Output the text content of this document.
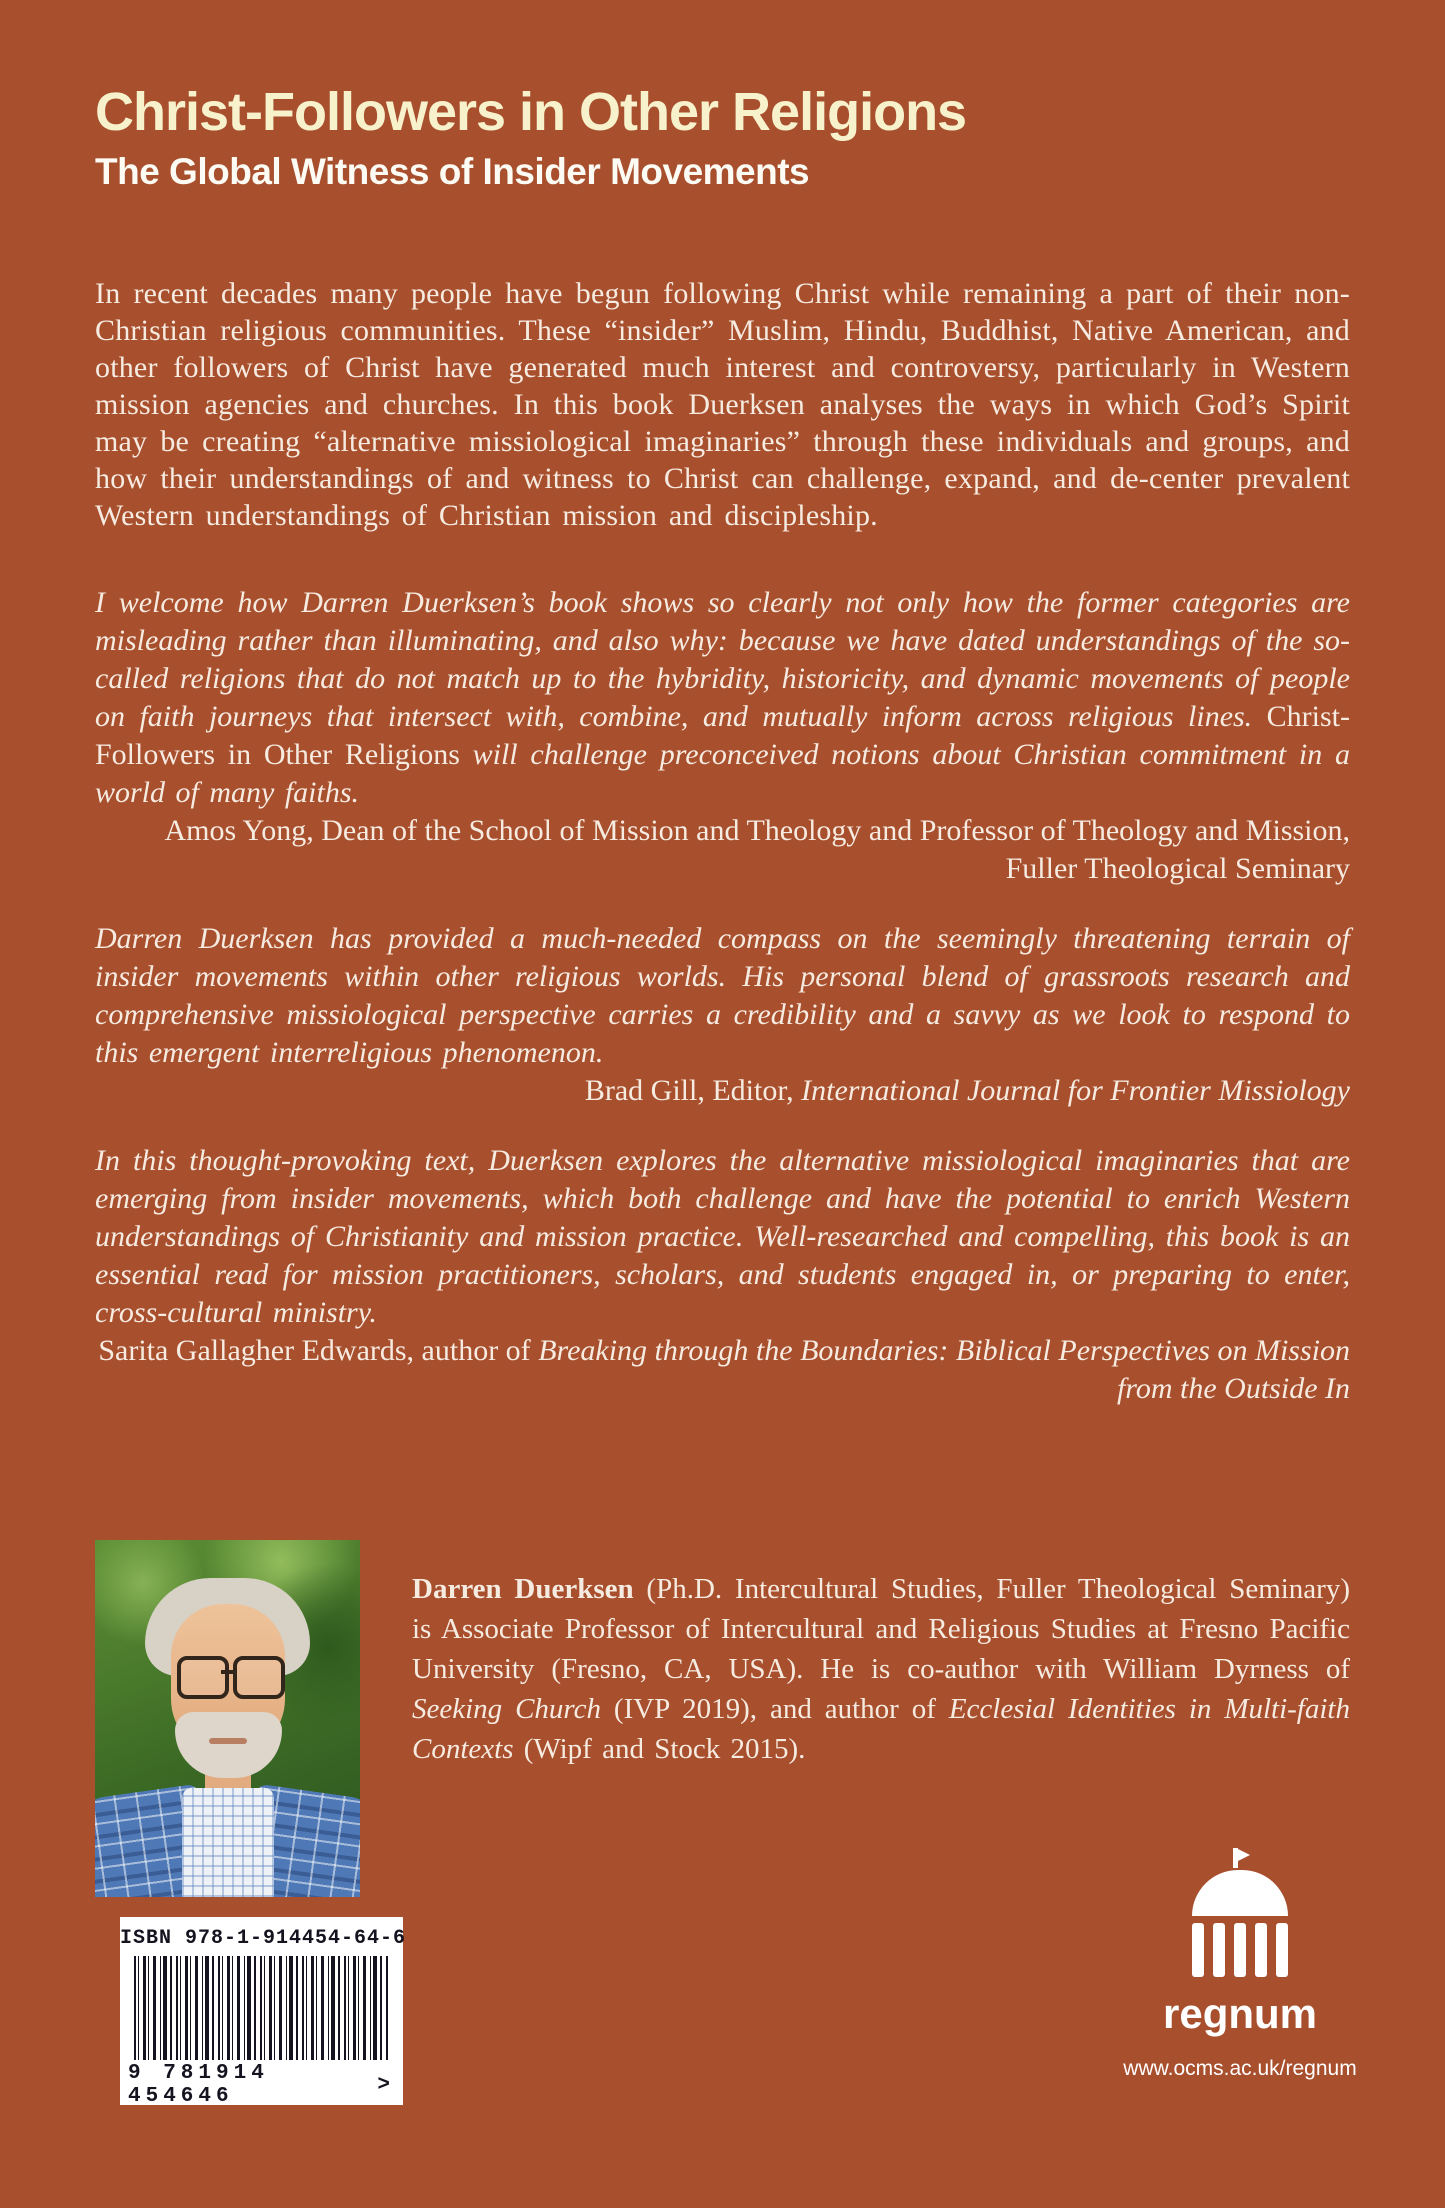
Christ-Followers in Other Religions
The Global Witness of Insider Movements

In recent decades many people have begun following Christ while remaining a part of their non-Christian religious communities. These “insider” Muslim, Hindu, Buddhist, Native American, and other followers of Christ have generated much interest and controversy, particularly in Western mission agencies and churches. In this book Duerksen analyses the ways in which God’s Spirit may be creating “alternative missiological imaginaries” through these individuals and groups, and how their understandings of and witness to Christ can challenge, expand, and de-center prevalent Western understandings of Christian mission and discipleship.

I welcome how Darren Duerksen’s book shows so clearly not only how the former categories are misleading rather than illuminating, and also why: because we have dated understandings of the so-called religions that do not match up to the hybridity, historicity, and dynamic movements of people on faith journeys that intersect with, combine, and mutually inform across religious lines. Christ-Followers in Other Religions will challenge preconceived notions about Christian commitment in a world of many faiths.

Amos Yong, Dean of the School of Mission and Theology and Professor of Theology and Mission, Fuller Theological Seminary

Darren Duerksen has provided a much-needed compass on the seemingly threatening terrain of insider movements within other religious worlds. His personal blend of grassroots research and comprehensive missiological perspective carries a credibility and a savvy as we look to respond to this emergent interreligious phenomenon.

Brad Gill, Editor, International Journal for Frontier Missiology

In this thought-provoking text, Duerksen explores the alternative missiological imaginaries that are emerging from insider movements, which both challenge and have the potential to enrich Western understandings of Christianity and mission practice. Well-researched and compelling, this book is an essential read for mission practitioners, scholars, and students engaged in, or preparing to enter, cross-cultural ministry.

Sarita Gallagher Edwards, author of Breaking through the Boundaries: Biblical Perspectives on Mission from the Outside In

Darren Duerksen (Ph.D. Intercultural Studies, Fuller Theological Seminary) is Associate Professor of Intercultural and Religious Studies at Fresno Pacific University (Fresno, CA, USA). He is co-author with William Dyrness of Seeking Church (IVP 2019), and author of Ecclesial Identities in Multi-faith Contexts (Wipf and Stock 2015).

ISBN 978-1-914454-64-6
9 781914 454646	>
regnum
www.ocms.ac.uk/regnum
